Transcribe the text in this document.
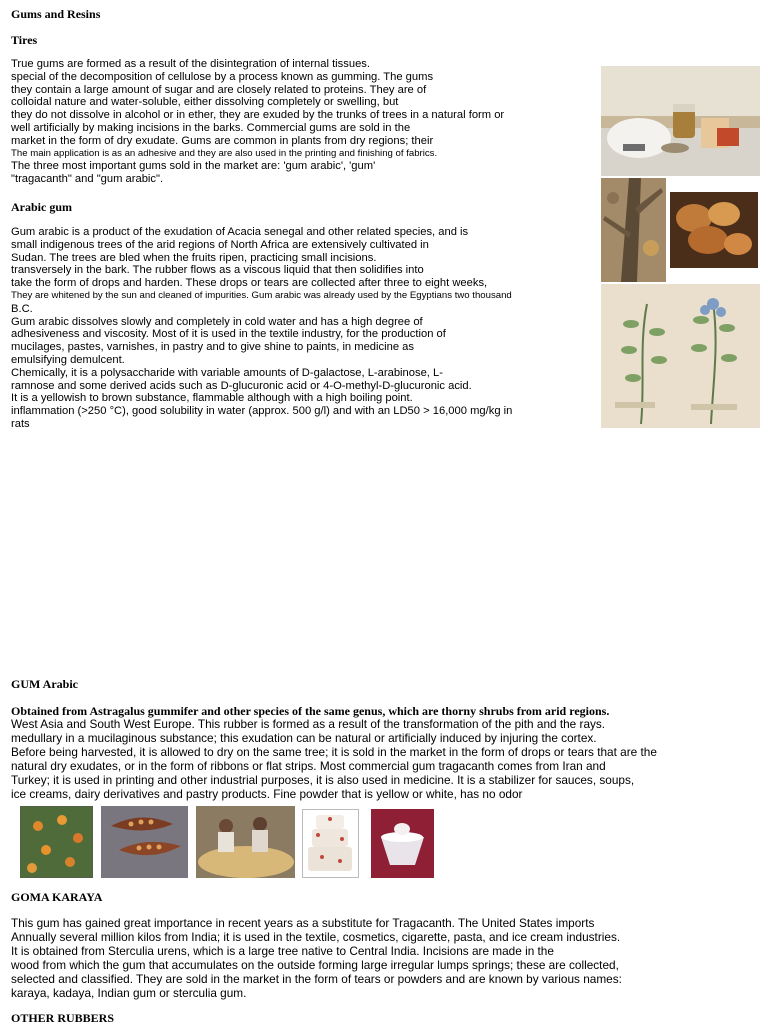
Gums and Resins
Tires
True gums are formed as a result of the disintegration of internal tissues.
special of the decomposition of cellulose by a process known as gumming. The gums
they contain a large amount of sugar and are closely related to proteins. They are of
colloidal nature and water-soluble, either dissolving completely or swelling, but
they do not dissolve in alcohol or in ether, they are exuded by the trunks of trees in a natural form or
well artificially by making incisions in the barks. Commercial gums are sold in the
market in the form of dry exudate. Gums are common in plants from dry regions; their
The main application is as an adhesive and they are also used in the printing and finishing of fabrics.
The three most important gums sold in the market are: 'gum arabic', 'gum'
"tragacanth" and "gum arabic".
Arabic gum
Gum arabic is a product of the exudation of Acacia senegal and other related species, and is
small indigenous trees of the arid regions of North Africa are extensively cultivated in
Sudan. The trees are bled when the fruits ripen, practicing small incisions.
transversely in the bark. The rubber flows as a viscous liquid that then solidifies into
take the form of drops and harden. These drops or tears are collected after three to eight weeks,
They are whitened by the sun and cleaned of impurities. Gum arabic was already used by the Egyptians two thousand
B.C.
Gum arabic dissolves slowly and completely in cold water and has a high degree of
adhesiveness and viscosity. Most of it is used in the textile industry, for the production of
mucilages, pastes, varnishes, in pastry and to give shine to paints, in medicine as
emulsifying demulcent.
Chemically, it is a polysaccharide with variable amounts of D-galactose, L-arabinose, L-
ramnose and some derived acids such as D-glucuronic acid or 4-O-methyl-D-glucuronic acid.
It is a yellowish to brown substance, flammable although with a high boiling point.
inflammation (>250 °C), good solubility in water (approx. 500 g/l) and with an LD50 > 16,000 mg/kg in
rats
GUM Arabic
Obtained from Astragalus gummifer and other species of the same genus, which are thorny shrubs from arid regions.
West Asia and South West Europe. This rubber is formed as a result of the transformation of the pith and the rays.
medullary in a mucilaginous substance; this exudation can be natural or artificially induced by injuring the cortex.
Before being harvested, it is allowed to dry on the same tree; it is sold in the market in the form of drops or tears that are the
natural dry exudates, or in the form of ribbons or flat strips. Most commercial gum tragacanth comes from Iran and
Turkey; it is used in printing and other industrial purposes, it is also used in medicine. It is a stabilizer for sauces, soups,
ice creams, dairy derivatives and pastry products. Fine powder that is yellow or white, has no odor
GOMA KARAYA
This gum has gained great importance in recent years as a substitute for Tragacanth. The United States imports
Annually several million kilos from India; it is used in the textile, cosmetics, cigarette, pasta, and ice cream industries.
It is obtained from Sterculia urens, which is a large tree native to Central India. Incisions are made in the
wood from which the gum that accumulates on the outside forming large irregular lumps springs; these are collected,
selected and classified. They are sold in the market in the form of tears or powders and are known by various names:
karaya, kadaya, Indian gum or sterculia gum.
OTHER RUBBERS
